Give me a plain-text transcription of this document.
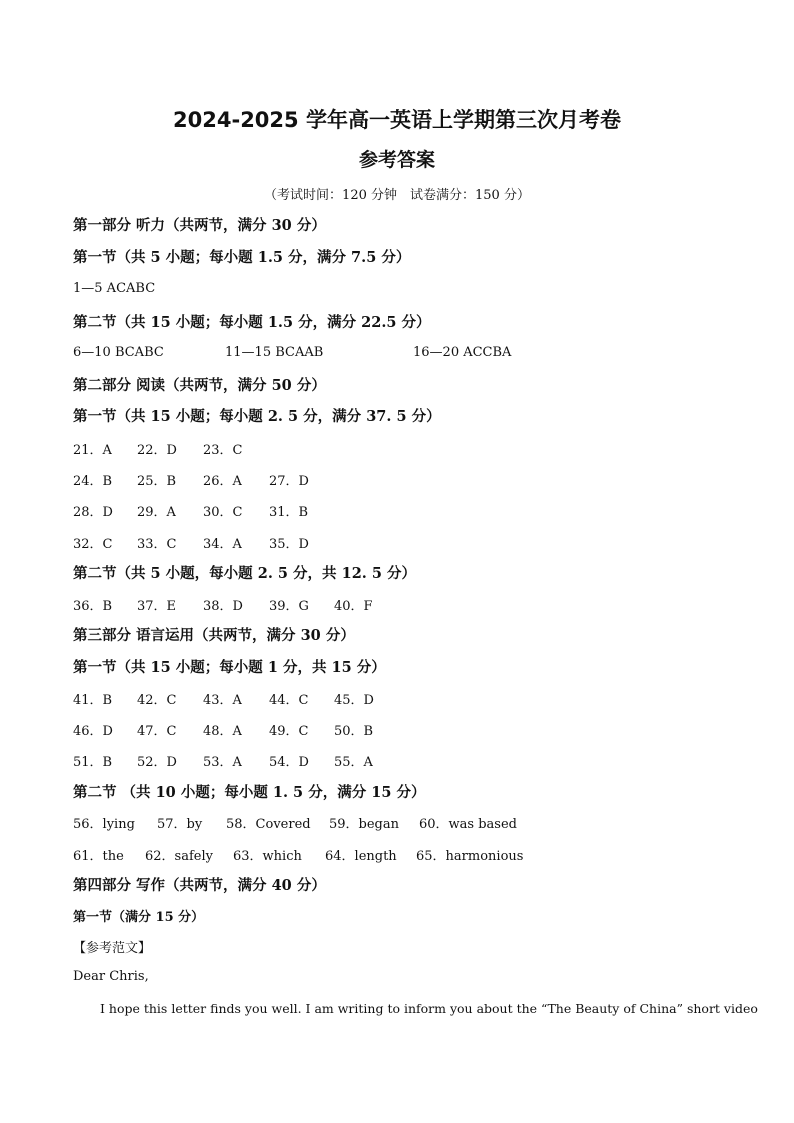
2024-2025 学年高一英语上学期第三次月考卷
参考答案
（考试时间：120 分钟　试卷满分：150 分）
第一部分 听力（共两节，满分 30 分）
第一节（共 5 小题；每小题 1.5 分，满分 7.5 分）
1—5 ACABC
第二节（共 15 小题；每小题 1.5 分，满分 22.5 分）
6—10 BCABC	11—15 BCAAB	16—20 ACCBA
第二部分 阅读（共两节，满分 50 分）
第一节（共 15 小题；每小题 2. 5 分，满分 37. 5 分）
21．A 22．D 23．C
24．B 25．B 26．A 27．D
28．D 29．A 30．C 31．B
32．C 33．C 34．A 35．D
第二节（共 5 小题，每小题 2. 5 分，共 12. 5 分）
36．B 37．E 38．D 39．G 40．F
第三部分 语言运用（共两节，满分 30 分）
第一节（共 15 小题；每小题 1 分，共 15 分）
41．B 42．C 43．A 44．C 45．D
46．D 47．C 48．A 49．C 50．B
51．B 52．D 53．A 54．D 55．A
第二节 （共 10 小题；每小题 1. 5 分，满分 15 分）
56．lying 57．by 58．Covered 59．began 60．was based
61．the 62．safely 63．which 64．length 65．harmonious
第四部分 写作（共两节，满分 40 分）
第一节（满分 15 分）
【参考范文】
Dear Chris,
I hope this letter finds you well. I am writing to inform you about the “The Beauty of China” short video
